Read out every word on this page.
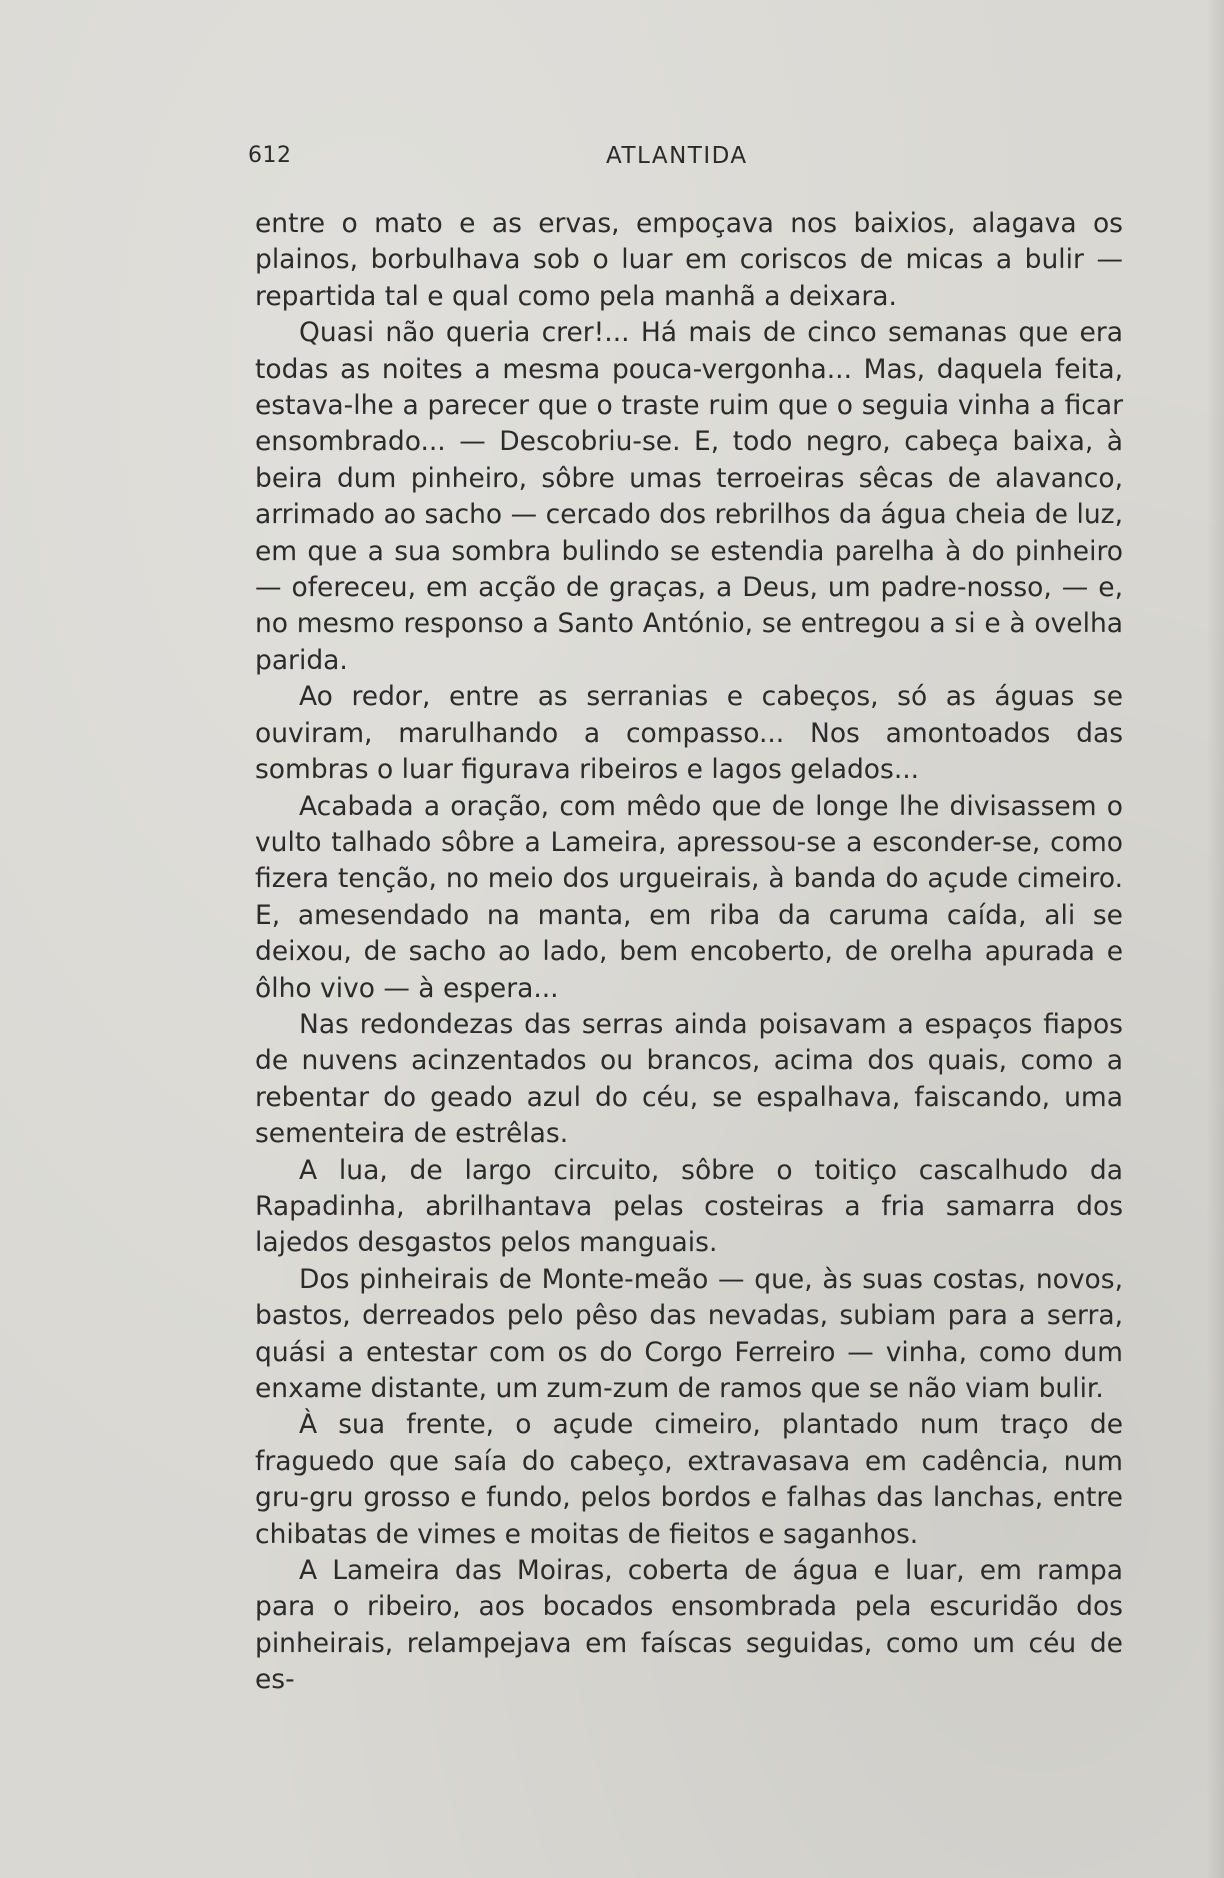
612	ATLANTIDA

entre o mato e as ervas, empoçava nos baixios, alagava os plainos, borbulhava sob o luar em coriscos de micas a bulir — repartida tal e qual como pela manhã a deixara.

Quasi não queria crer!... Há mais de cinco semanas que era todas as noites a mesma pouca-vergonha... Mas, daquela feita, estava-lhe a parecer que o traste ruim que o seguia vinha a ficar ensombrado... — Descobriu-se. E, todo negro, cabeça baixa, à beira dum pinheiro, sôbre umas terroeiras sêcas de alavanco, arrimado ao sacho — cercado dos rebrilhos da água cheia de luz, em que a sua sombra bulindo se estendia parelha à do pinheiro — ofereceu, em acção de graças, a Deus, um padre-nosso, — e, no mesmo responso a Santo António, se entregou a si e à ovelha parida.

Ao redor, entre as serranias e cabeços, só as águas se ouviram, marulhando a compasso... Nos amontoados das sombras o luar figurava ribeiros e lagos gelados...

Acabada a oração, com mêdo que de longe lhe divisassem o vulto talhado sôbre a Lameira, apressou-se a esconder-se, como fizera tenção, no meio dos urgueirais, à banda do açude cimeiro. E, amesendado na manta, em riba da caruma caída, ali se deixou, de sacho ao lado, bem encoberto, de orelha apurada e ôlho vivo — à espera...

Nas redondezas das serras ainda poisavam a espaços fiapos de nuvens acinzentados ou brancos, acima dos quais, como a rebentar do geado azul do céu, se espalhava, faiscando, uma sementeira de estrêlas.

A lua, de largo circuito, sôbre o toitiço cascalhudo da Rapadinha, abrilhantava pelas costeiras a fria samarra dos lajedos desgastos pelos manguais.

Dos pinheirais de Monte-meão — que, às suas costas, novos, bastos, derreados pelo pêso das nevadas, subiam para a serra, quási a entestar com os do Corgo Ferreiro — vinha, como dum enxame distante, um zum-zum de ramos que se não viam bulir.

À sua frente, o açude cimeiro, plantado num traço de fraguedo que saía do cabeço, extravasava em cadência, num gru-gru grosso e fundo, pelos bordos e falhas das lanchas, entre chibatas de vimes e moitas de fieitos e saganhos.

A Lameira das Moiras, coberta de água e luar, em rampa para o ribeiro, aos bocados ensombrada pela escuridão dos pinheirais, relampejava em faíscas seguidas, como um céu de es-
